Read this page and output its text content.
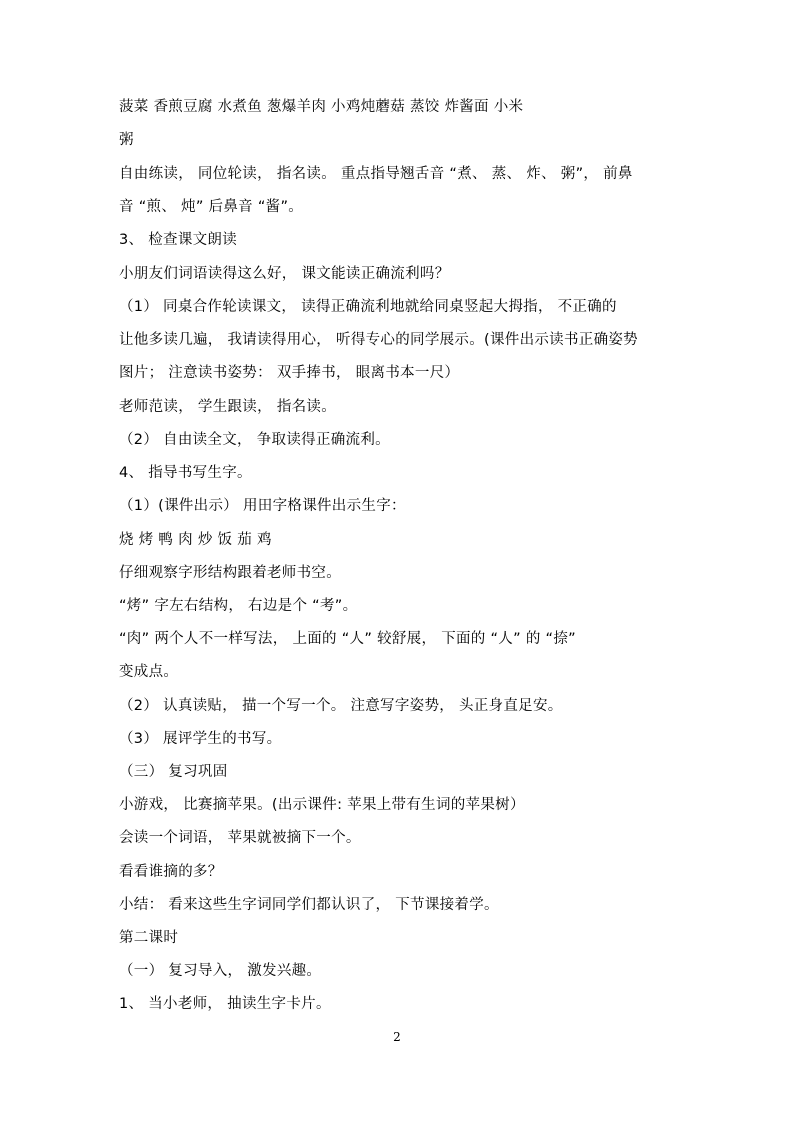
菠菜 香煎豆腐 水煮鱼 葱爆羊肉 小鸡炖蘑菇 蒸饺 炸酱面 小米
粥
自由练读， 同位轮读， 指名读。 重点指导翘舌音 “煮、 蒸、 炸、 粥”， 前鼻
音 “煎、 炖” 后鼻音 “酱”。
3、 检查课文朗读
小朋友们词语读得这么好， 课文能读正确流利吗？
（1） 同桌合作轮读课文， 读得正确流利地就给同桌竖起大拇指， 不正确的
让他多读几遍， 我请读得用心， 听得专心的同学展示。(课件出示读书正确姿势
图片； 注意读书姿势： 双手捧书， 眼离书本一尺）
老师范读， 学生跟读， 指名读。
（2） 自由读全文， 争取读得正确流利。
4、 指导书写生字。
（1）(课件出示） 用田字格课件出示生字：
烧 烤 鸭 肉 炒 饭 茄 鸡
仔细观察字形结构跟着老师书空。
“烤” 字左右结构， 右边是个 “考”。
“肉” 两个人不一样写法， 上面的 “人” 较舒展， 下面的 “人” 的 “捺”
变成点。
（2） 认真读贴， 描一个写一个。 注意写字姿势， 头正身直足安。
（3） 展评学生的书写。
（三） 复习巩固
小游戏， 比赛摘苹果。(出示课件: 苹果上带有生词的苹果树）
会读一个词语， 苹果就被摘下一个。
看看谁摘的多？
小结： 看来这些生字词同学们都认识了， 下节课接着学。
第二课时
（一） 复习导入， 激发兴趣。
1、 当小老师， 抽读生字卡片。
2
